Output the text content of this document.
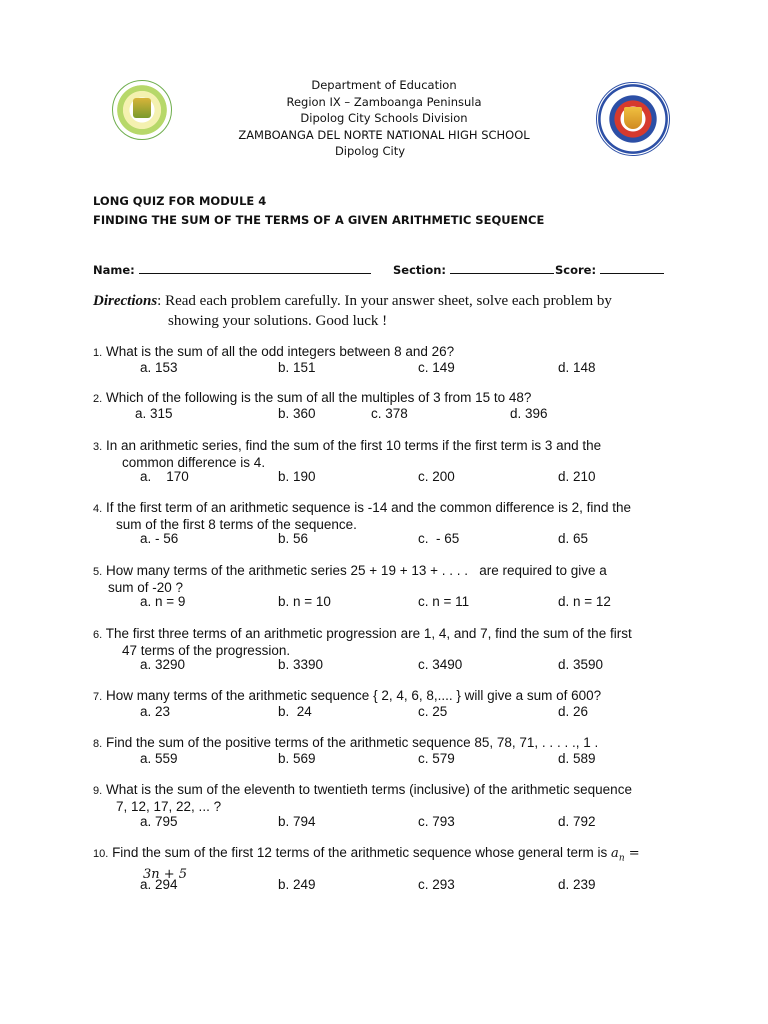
Department of Education
Region IX – Zamboanga Peninsula
Dipolog City Schools Division
ZAMBOANGA DEL NORTE NATIONAL HIGH SCHOOL
Dipolog City
LONG QUIZ FOR MODULE 4
FINDING THE SUM OF THE TERMS OF A GIVEN ARITHMETIC SEQUENCE
Name:	Section:	Score:
Directions: Read each problem carefully. In your answer sheet, solve each problem by
showing your solutions. Good luck !
1. What is the sum of all the odd integers between 8 and 26?
a. 153	b. 151	c. 149	d. 148
2. Which of the following is the sum of all the multiples of 3 from 15 to 48?
a. 315	b. 360	c. 378	d. 396
3. In an arithmetic series, find the sum of the first 10 terms if the first term is 3 and the
common difference is 4.
a.    170	b. 190	c. 200	d. 210
4. If the first term of an arithmetic sequence is -14 and the common difference is 2, find the
sum of the first 8 terms of the sequence.
a. - 56	b. 56	c.  - 65	d. 65
5. How many terms of the arithmetic series 25 + 19 + 13 + . . . .   are required to give a
sum of -20 ?
a. n = 9	b. n = 10	c. n = 11	d. n = 12
6. The first three terms of an arithmetic progression are 1, 4, and 7, find the sum of the first
47 terms of the progression.
a. 3290	b. 3390	c. 3490	d. 3590
7. How many terms of the arithmetic sequence { 2, 4, 6, 8,.... } will give a sum of 600?
a. 23	b.  24	c. 25	d. 26
8. Find the sum of the positive terms of the arithmetic sequence 85, 78, 71, . . . . ., 1 .
a. 559	b. 569	c. 579	d. 589
9. What is the sum of the eleventh to twentieth terms (inclusive) of the arithmetic sequence
7, 12, 17, 22, ... ?
a. 795	b. 794	c. 793	d. 792
10. Find the sum of the first 12 terms of the arithmetic sequence whose general term is $a_n$ =
3n + 5
a. 294	b. 249	c. 293	d. 239
